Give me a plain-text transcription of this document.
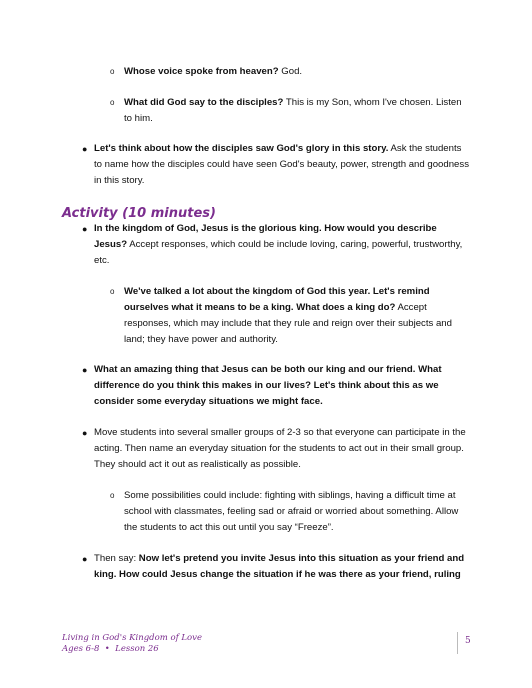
o Whose voice spoke from heaven? God.
o What did God say to the disciples? This is my Son, whom I've chosen. Listen
to him.
● Let's think about how the disciples saw God's glory in this story. Ask the students
to name how the disciples could have seen God's beauty, power, strength and goodness
in this story.
Activity (10 minutes)
● In the kingdom of God, Jesus is the glorious king. How would you describe
Jesus? Accept responses, which could be include loving, caring, powerful, trustworthy,
etc.
o We've talked a lot about the kingdom of God this year. Let's remind
ourselves what it means to be a king. What does a king do? Accept
responses, which may include that they rule and reign over their subjects and
land; they have power and authority.
● What an amazing thing that Jesus can be both our king and our friend. What
difference do you think this makes in our lives? Let's think about this as we
consider some everyday situations we might face.
● Move students into several smaller groups of 2-3 so that everyone can participate in the
acting. Then name an everyday situation for the students to act out in their small group.
They should act it out as realistically as possible.
o Some possibilities could include: fighting with siblings, having a difficult time at
school with classmates, feeling sad or afraid or worried about something. Allow
the students to act this out until you say “Freeze”.
● Then say: Now let's pretend you invite Jesus into this situation as your friend and
king. How could Jesus change the situation if he was there as your friend, ruling
Living in God's Kingdom of Love
Ages 6-8  •  Lesson 26
5
